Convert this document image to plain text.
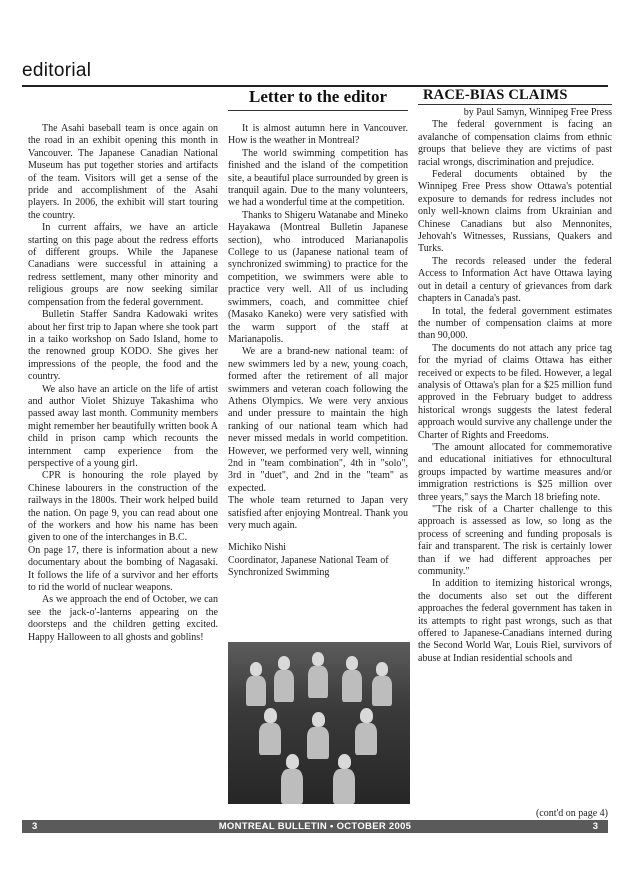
editorial
Letter to the editor	RACE-BIAS CLAIMS

The Asahi baseball team is once again on the road in an exhibit opening this month in Vancouver. The Japanese Canadian National Museum has put together stories and artifacts of the team. Visitors will get a sense of the pride and accomplishment of the Asahi players. In 2006, the exhibit will start touring the country.

In current affairs, we have an article starting on this page about the redress efforts of different groups. While the Japanese Canadians were successful in attaining a redress settlement, many other minority and religious groups are now seeking similar compensation from the federal government.

Bulletin Staffer Sandra Kadowaki writes about her first trip to Japan where she took part in a taiko workshop on Sado Island, home to the renowned group KODO. She gives her impressions of the people, the food and the country.

We also have an article on the life of artist and author Violet Shizuye Takashima who passed away last month. Community members might remember her beautifully written book A child in prison camp which recounts the internment camp experience from the perspective of a young girl.

CPR is honouring the role played by Chinese labourers in the construction of the railways in the 1800s. Their work helped build the nation. On page 9, you can read about one of the workers and how his name has been given to one of the interchanges in B.C.

On page 17, there is information about a new documentary about the bombing of Nagasaki. It follows the life of a survivor and her efforts to rid the world of nuclear weapons.

As we approach the end of October, we can see the jack-o'-lanterns appearing on the doorsteps and the children getting excited. Happy Halloween to all ghosts and goblins!

It is almost autumn here in Vancouver. How is the weather in Montreal?

The world swimming competition has finished and the island of the competition site, a beautiful place surrounded by green is tranquil again. Due to the many volunteers, we had a wonderful time at the competition.

Thanks to Shigeru Watanabe and Mineko Hayakawa (Montreal Bulletin Japanese section), who introduced Marianapolis College to us (Japanese national team of synchronized swimming) to practice for the competition, we swimmers were able to practice very well. All of us including swimmers, coach, and committee chief (Masako Kaneko) were very satisfied with the warm support of the staff at Marianapolis.

We are a brand-new national team: of new swimmers led by a new, young coach, formed after the retirement of all major swimmers and veteran coach following the Athens Olympics. We were very anxious and under pressure to maintain the high ranking of our national team which had never missed medals in world competition. However, we performed very well, winning 2nd in "team combination", 4th in "solo", 3rd in "duet", and 2nd in the "team" as expected.

The whole team returned to Japan very satisfied after enjoying Montreal. Thank you very much again.

Michiko Nishi

Coordinator, Japanese National Team of Synchronized Swimming

by Paul Samyn, Winnipeg Free Press

The federal government is facing an avalanche of compensation claims from ethnic groups that believe they are victims of past racial wrongs, discrimination and prejudice.

Federal documents obtained by the Winnipeg Free Press show Ottawa's potential exposure to demands for redress includes not only well-known claims from Ukrainian and Chinese Canadians but also Mennonites, Jehovah's Witnesses, Russians, Quakers and Turks.

The records released under the federal Access to Information Act have Ottawa laying out in detail a century of grievances from dark chapters in Canada's past.

In total, the federal government estimates the number of compensation claims at more than 90,000.

The documents do not attach any price tag for the myriad of claims Ottawa has either received or expects to be filed. However, a legal analysis of Ottawa's plan for a $25 million fund approved in the February budget to address historical wrongs suggests the latest federal approach would survive any challenge under the Charter of Rights and Freedoms.

'The amount allocated for commemorative and educational initiatives for ethnocultural groups impacted by wartime measures and/or immigration restrictions is $25 million over three years," says the March 18 briefing note.

"The risk of a Charter challenge to this approach is assessed as low, so long as the process of screening and funding proposals is fair and transparent. The risk is certainly lower than if we had different approaches per community."

In addition to itemizing historical wrongs, the documents also set out the different approaches the federal government has taken in its attempts to right past wrongs, such as that offered to Japanese-Canadians interned during the Second World War, Louis Riel, survivors of abuse at Indian residential schools and

(cont'd on page 4)
3	MONTREAL BULLETIN • OCTOBER 2005	3
